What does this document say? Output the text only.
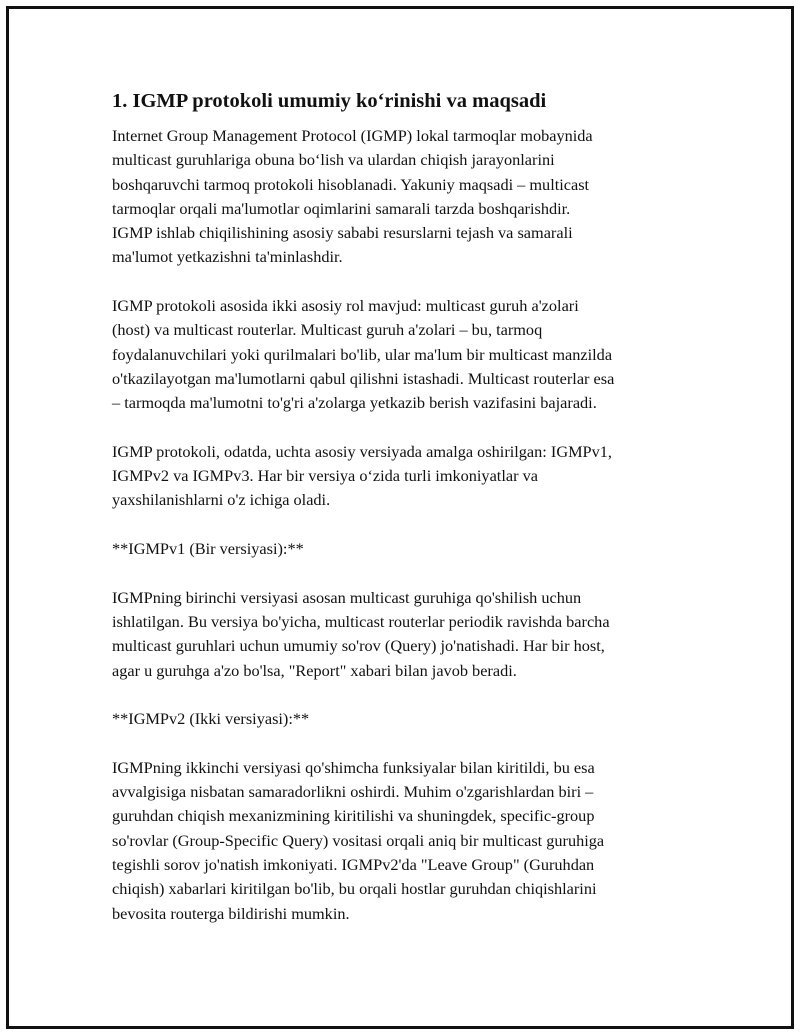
1. IGMP protokoli umumiy ko‘rinishi va maqsadi

Internet Group Management Protocol (IGMP) lokal tarmoqlar mobaynida
multicast guruhlariga obuna bo‘lish va ulardan chiqish jarayonlarini
boshqaruvchi tarmoq protokoli hisoblanadi. Yakuniy maqsadi – multicast
tarmoqlar orqali ma'lumotlar oqimlarini samarali tarzda boshqarishdir.
IGMP ishlab chiqilishining asosiy sababi resurslarni tejash va samarali
ma'lumot yetkazishni ta'minlashdir.

IGMP protokoli asosida ikki asosiy rol mavjud: multicast guruh a'zolari
(host) va multicast routerlar. Multicast guruh a'zolari – bu, tarmoq
foydalanuvchilari yoki qurilmalari bo'lib, ular ma'lum bir multicast manzilda
o'tkazilayotgan ma'lumotlarni qabul qilishni istashadi. Multicast routerlar esa
– tarmoqda ma'lumotni to'g'ri a'zolarga yetkazib berish vazifasini bajaradi.

IGMP protokoli, odatda, uchta asosiy versiyada amalga oshirilgan: IGMPv1,
IGMPv2 va IGMPv3. Har bir versiya o‘zida turli imkoniyatlar va
yaxshilanishlarni o'z ichiga oladi.

**IGMPv1 (Bir versiyasi):**

IGMPning birinchi versiyasi asosan multicast guruhiga qo'shilish uchun
ishlatilgan. Bu versiya bo'yicha, multicast routerlar periodik ravishda barcha
multicast guruhlari uchun umumiy so'rov (Query) jo'natishadi. Har bir host,
agar u guruhga a'zo bo'lsa, "Report" xabari bilan javob beradi.

**IGMPv2 (Ikki versiyasi):**

IGMPning ikkinchi versiyasi qo'shimcha funksiyalar bilan kiritildi, bu esa
avvalgisiga nisbatan samaradorlikni oshirdi. Muhim o'zgarishlardan biri –
guruhdan chiqish mexanizmining kiritilishi va shuningdek, specific-group
so'rovlar (Group-Specific Query) vositasi orqali aniq bir multicast guruhiga
tegishli sorov jo'natish imkoniyati. IGMPv2'da "Leave Group" (Guruhdan
chiqish) xabarlari kiritilgan bo'lib, bu orqali hostlar guruhdan chiqishlarini
bevosita routerga bildirishi mumkin.
